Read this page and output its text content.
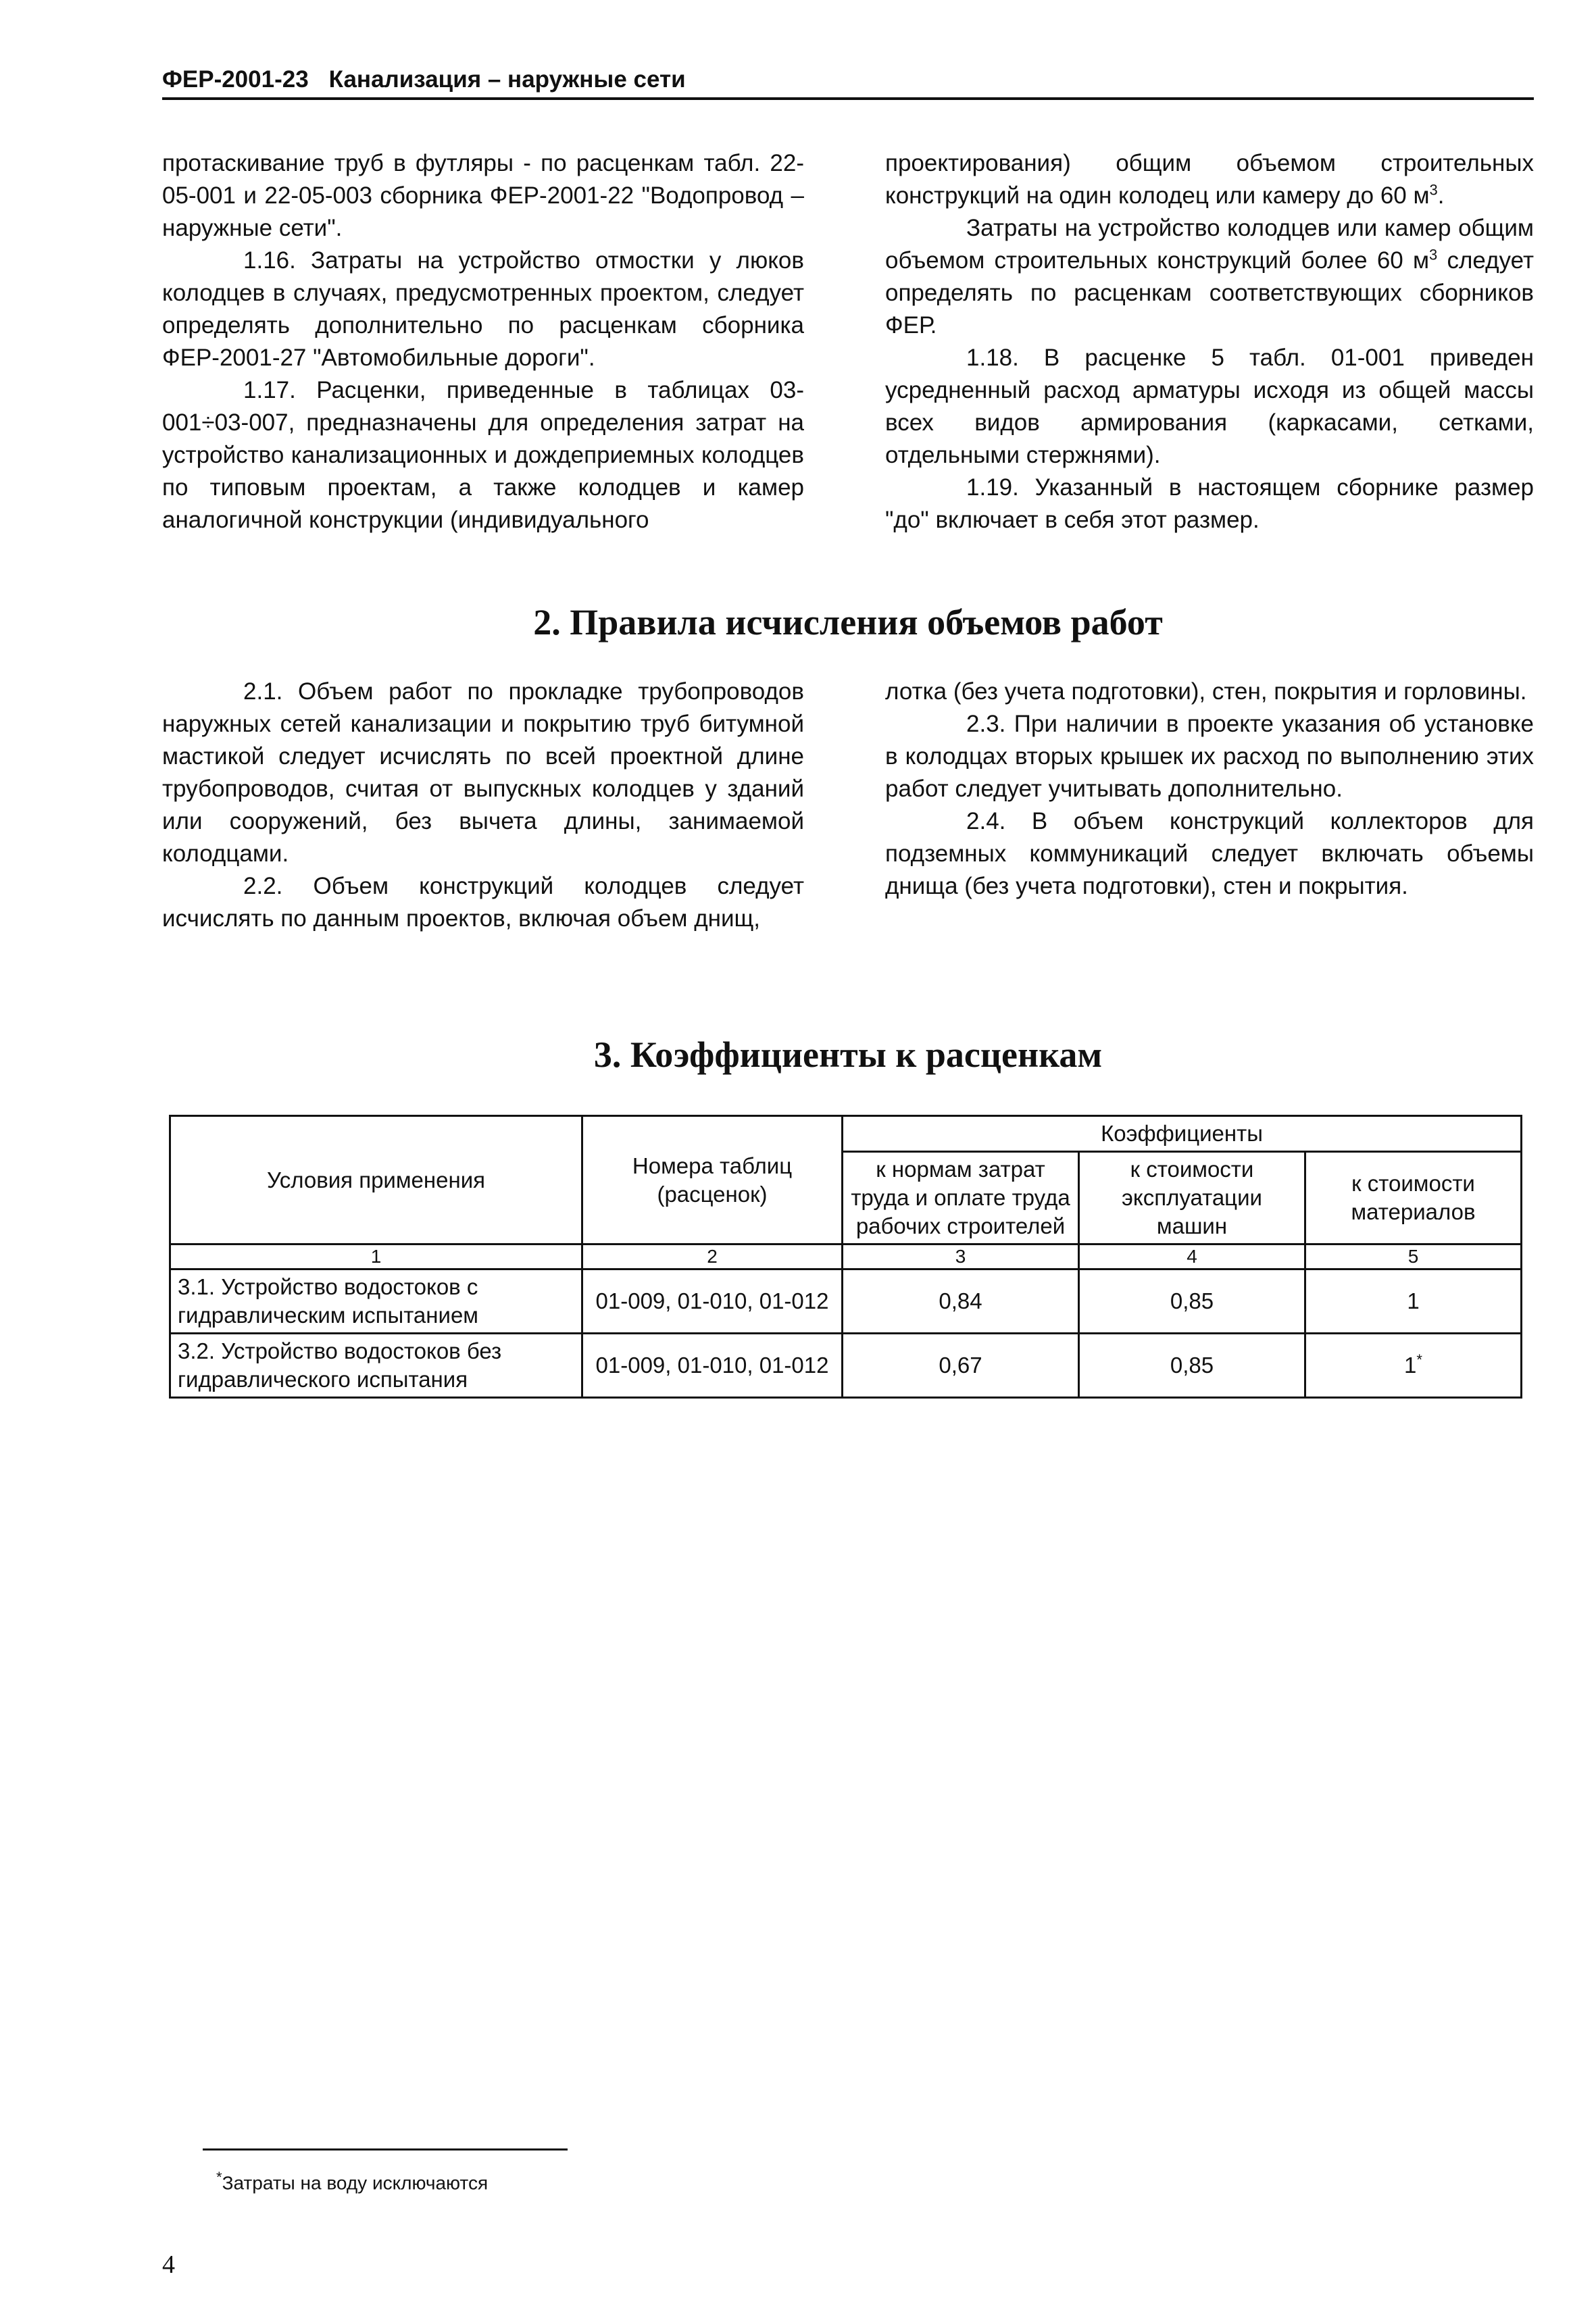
ФЕР-2001-23 Канализация – наружные сети

протаскивание труб в футляры - по расценкам табл. 22-05-001 и 22-05-003 сборника ФЕР-2001-22 "Водопровод – наружные сети".

1.16. Затраты на устройство отмостки у люков колодцев в случаях, предусмотренных проектом, следует определять дополнительно по расценкам сборника ФЕР-2001-27 "Автомобильные дороги".

1.17. Расценки, приведенные в таблицах 03-001÷03-007, предназначены для определения затрат на устройство канализационных и дождеприемных колодцев по типовым проектам, а также колодцев и камер аналогичной конструкции (индивидуального

проектирования) общим объемом строительных конструкций на один колодец или камеру до 60 $м^3$.

Затраты на устройство колодцев или камер общим объемом строительных конструкций более 60 $м^3$ следует определять по расценкам соответствующих сборников ФЕР.

1.18. В расценке 5 табл. 01-001 приведен усредненный расход арматуры исходя из общей массы всех видов армирования (каркасами, сетками, отдельными стержнями).

1.19. Указанный в настоящем сборнике размер "до" включает в себя этот размер.

2. Правила исчисления объемов работ

2.1. Объем работ по прокладке трубопроводов наружных сетей канализации и покрытию труб битумной мастикой следует исчислять по всей проектной длине трубопроводов, считая от выпускных колодцев у зданий или сооружений, без вычета длины, занимаемой колодцами.

2.2. Объем конструкций колодцев следует исчислять по данным проектов, включая объем днищ,

лотка (без учета подготовки), стен, покрытия и горловины.

2.3. При наличии в проекте указания об установке в колодцах вторых крышек их расход по выполнению этих работ следует учитывать дополнительно.

2.4. В объем конструкций коллекторов для подземных коммуникаций следует включать объемы днища (без учета подготовки), стен и покрытия.

3. Коэффициенты к расценкам
Условия применения	Номера таблиц (расценок)	Коэффициенты		
		к нормам затрат труда и оплате труда рабочих строителей	к стоимости эксплуатации машин	к стоимости материалов
1	2	3	4	5
3.1. Устройство водостоков с гидравлическим испытанием	01-009, 01-010, 01-012	0,84	0,85	1
3.2. Устройство водостоков без гидравлического испытания	01-009, 01-010, 01-012	0,67	0,85	1*
*Затраты на воду исключаются
4
